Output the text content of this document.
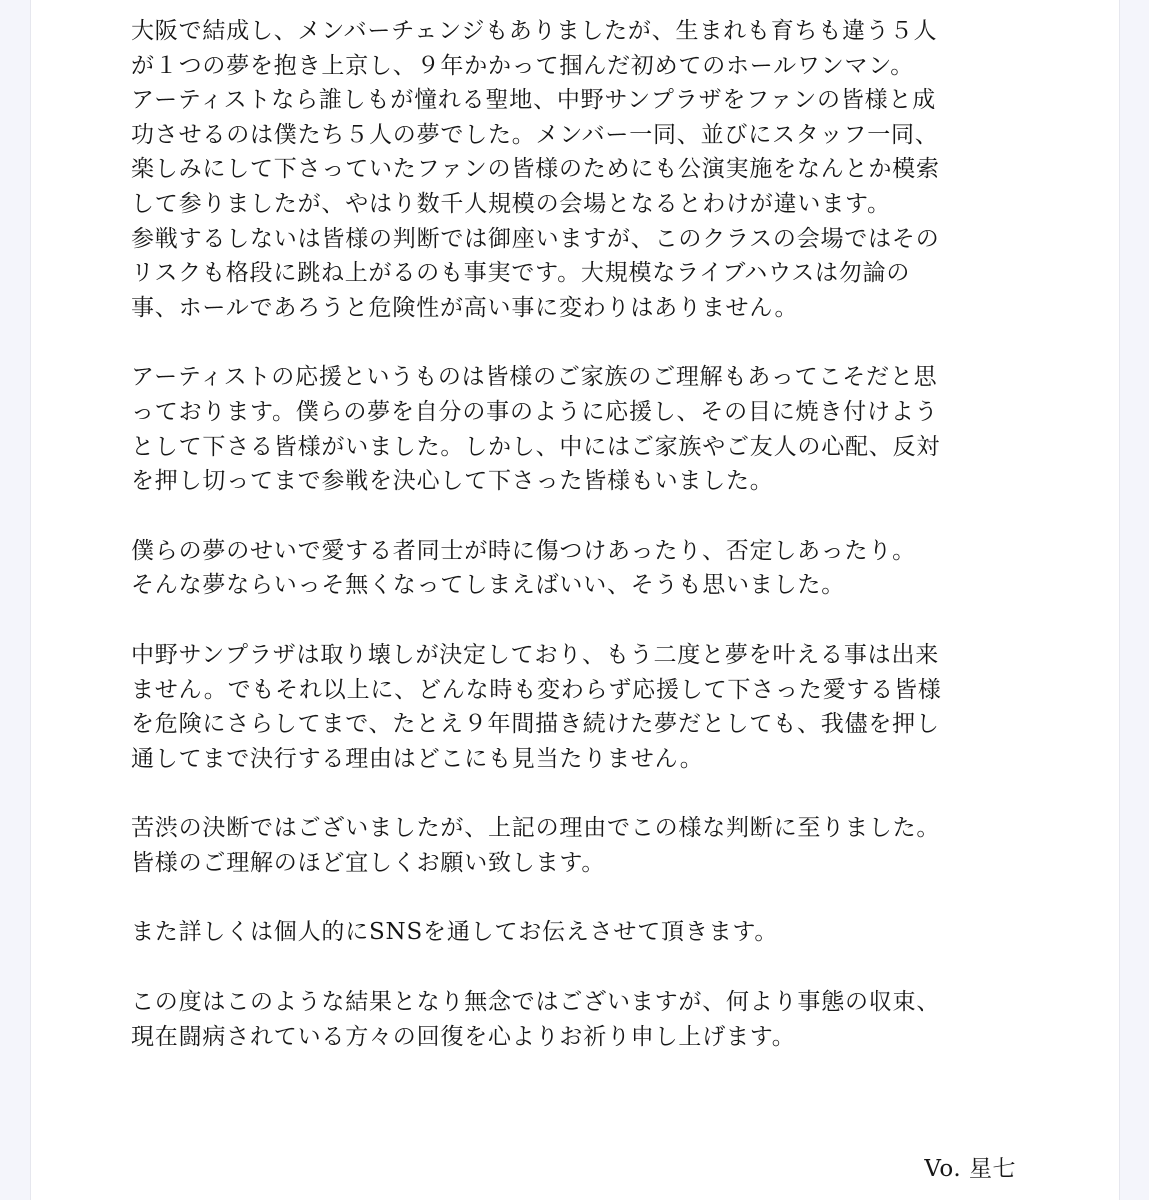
大阪で結成し、メンバーチェンジもありましたが、生まれも育ちも違う５人
が１つの夢を抱き上京し、９年かかって掴んだ初めてのホールワンマン。
アーティストなら誰しもが憧れる聖地、中野サンプラザをファンの皆様と成
功させるのは僕たち５人の夢でした。メンバー一同、並びにスタッフ一同、
楽しみにして下さっていたファンの皆様のためにも公演実施をなんとか模索
して参りましたが、やはり数千人規模の会場となるとわけが違います。
参戦するしないは皆様の判断では御座いますが、このクラスの会場ではその
リスクも格段に跳ね上がるのも事実です。大規模なライブハウスは勿論の
事、ホールであろうと危険性が高い事に変わりはありません。
アーティストの応援というものは皆様のご家族のご理解もあってこそだと思
っております。僕らの夢を自分の事のように応援し、その目に焼き付けよう
として下さる皆様がいました。しかし、中にはご家族やご友人の心配、反対
を押し切ってまで参戦を決心して下さった皆様もいました。
僕らの夢のせいで愛する者同士が時に傷つけあったり、否定しあったり。
そんな夢ならいっそ無くなってしまえばいい、そうも思いました。
中野サンプラザは取り壊しが決定しており、もう二度と夢を叶える事は出来
ません。でもそれ以上に、どんな時も変わらず応援して下さった愛する皆様
を危険にさらしてまで、たとえ９年間描き続けた夢だとしても、我儘を押し
通してまで決行する理由はどこにも見当たりません。
苦渋の決断ではございましたが、上記の理由でこの様な判断に至りました。
皆様のご理解のほど宜しくお願い致します。
また詳しくは個人的にSNSを通してお伝えさせて頂きます。
この度はこのような結果となり無念ではございますが、何より事態の収束、
現在闘病されている方々の回復を心よりお祈り申し上げます。
Vo. 星七
